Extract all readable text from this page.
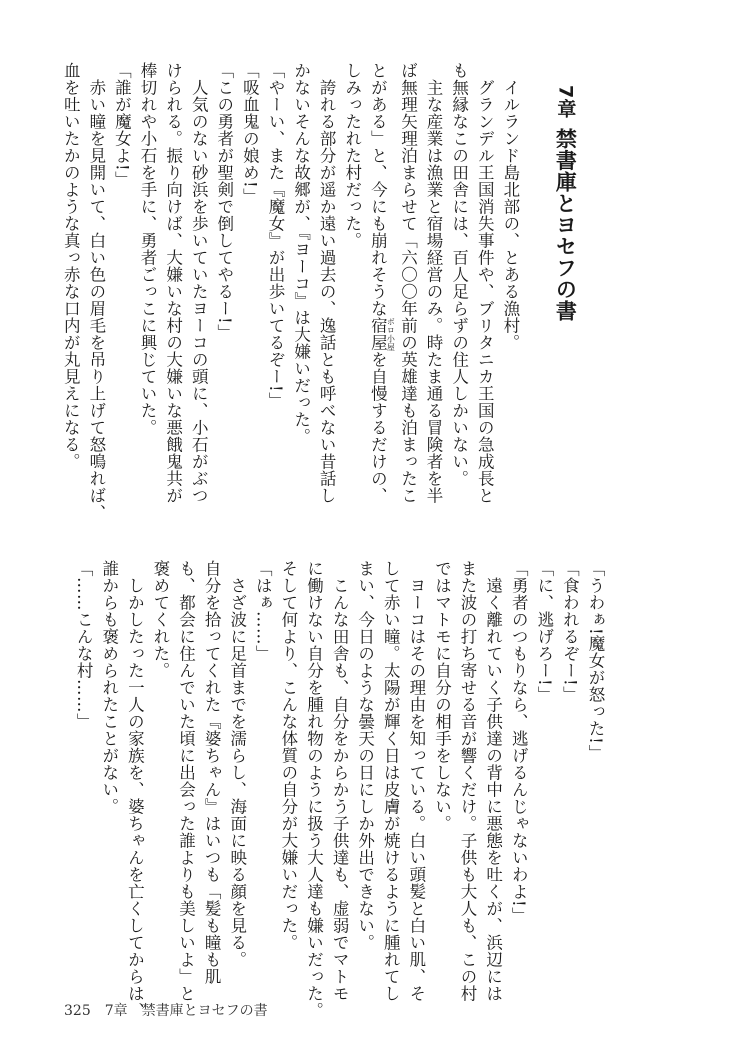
7章禁書庫とヨセフの書

イルランド島北部の、とある漁村。
グランデル王国消失事件や、ブリタニカ王国の急成長と
も無縁なこの田舎には、百人足らずの住人しかいない。
主な産業は漁業と宿場経営のみ。時たま通る冒険者を半
ば無理矢理泊まらせて「六〇〇年前の英雄達も泊まったこ
とがある」と、今にも崩れそうな宿屋 ボロ小屋を自慢するだけの、
しみったれた村だった。
誇れる部分が遥か遠い過去の、逸話とも呼べない昔話し
かないそんな故郷が、『ヨーコ』は大嫌いだった。
「やーい、また『魔女』が出歩いてるぞー!」
「吸血鬼の娘め!」
「この勇者が聖剣で倒してやるー!」
人気のない砂浜を歩いていたヨーコの頭に、小石がぶつ
けられる。振り向けば、大嫌いな村の大嫌いな悪餓鬼共が
棒切れや小石を手に、勇者ごっこに興じていた。
「誰が魔女よ!」
赤い瞳を見開いて、白い色の眉毛を吊り上げて怒鳴れば、
血を吐いたかのような真っ赤な口内が丸見えになる。
「うわぁ!魔女が怒った!」
「食われるぞー!」
「に、逃げろー!」
「勇者のつもりなら、逃げるんじゃないわよ!」
遠く離れていく子供達の背中に悪態を吐くが、浜辺には
また波の打ち寄せる音が響くだけ。子供も大人も、この村
ではマトモに自分の相手をしない。
ヨーコはその理由を知っている。白い頭髪と白い肌、そ
して赤い瞳。太陽が輝く日は皮膚が焼けるように腫れてし
まい、今日のような曇天の日にしか外出できない。
こんな田舎も、自分をからかう子供達も、虚弱でマトモ
に働けない自分を腫れ物のように扱う大人達も嫌いだった。
そして何より、こんな体質の自分が大嫌いだった。
「はぁ……」
さざ波に足首までを濡らし、海面に映る顔を見る。
自分を拾ってくれた『婆ちゃん』はいつも「髪も瞳も肌
も、都会に住んでいた頃に出会った誰よりも美しいよ」と
褒めてくれた。
しかしたった一人の家族を、婆ちゃんを亡くしてからは、
誰からも褒められたことがない。
「……こんな村……」
325 7章　禁書庫とヨセフの書
